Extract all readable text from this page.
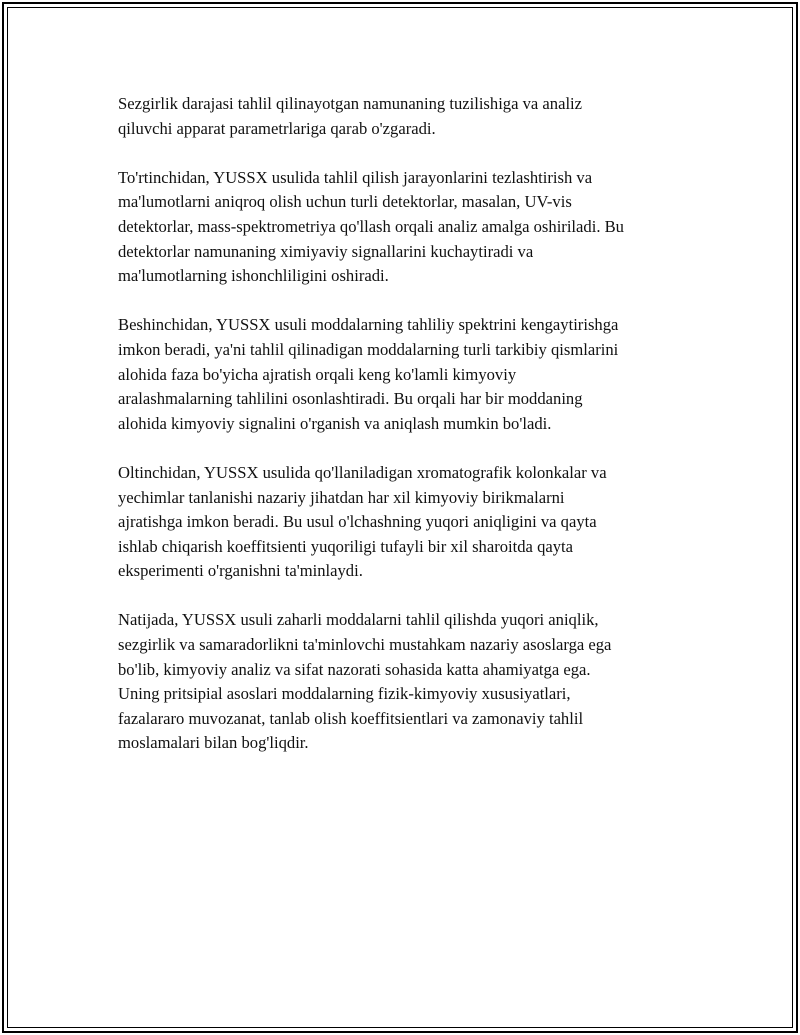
Sezgirlik darajasi tahlil qilinayotgan namunaning tuzilishiga va analiz
qiluvchi apparat parametrlariga qarab o'zgaradi.

To'rtinchidan, YUSSX usulida tahlil qilish jarayonlarini tezlashtirish va
ma'lumotlarni aniqroq olish uchun turli detektorlar, masalan, UV-vis
detektorlar, mass-spektrometriya qo'llash orqali analiz amalga oshiriladi. Bu
detektorlar namunaning ximiyaviy signallarini kuchaytiradi va
ma'lumotlarning ishonchliligini oshiradi.

Beshinchidan, YUSSX usuli moddalarning tahliliy spektrini kengaytirishga
imkon beradi, ya'ni tahlil qilinadigan moddalarning turli tarkibiy qismlarini
alohida faza bo'yicha ajratish orqali keng ko'lamli kimyoviy
aralashmalarning tahlilini osonlashtiradi. Bu orqali har bir moddaning
alohida kimyoviy signalini o'rganish va aniqlash mumkin bo'ladi.

Oltinchidan, YUSSX usulida qo'llaniladigan xromatografik kolonkalar va
yechimlar tanlanishi nazariy jihatdan har xil kimyoviy birikmalarni
ajratishga imkon beradi. Bu usul o'lchashning yuqori aniqligini va qayta
ishlab chiqarish koeffitsienti yuqoriligi tufayli bir xil sharoitda qayta
eksperimenti o'rganishni ta'minlaydi.

Natijada, YUSSX usuli zaharli moddalarni tahlil qilishda yuqori aniqlik,
sezgirlik va samaradorlikni ta'minlovchi mustahkam nazariy asoslarga ega
bo'lib, kimyoviy analiz va sifat nazorati sohasida katta ahamiyatga ega.
Uning pritsipial asoslari moddalarning fizik-kimyoviy xususiyatlari,
fazalararo muvozanat, tanlab olish koeffitsientlari va zamonaviy tahlil
moslamalari bilan bog'liqdir.
